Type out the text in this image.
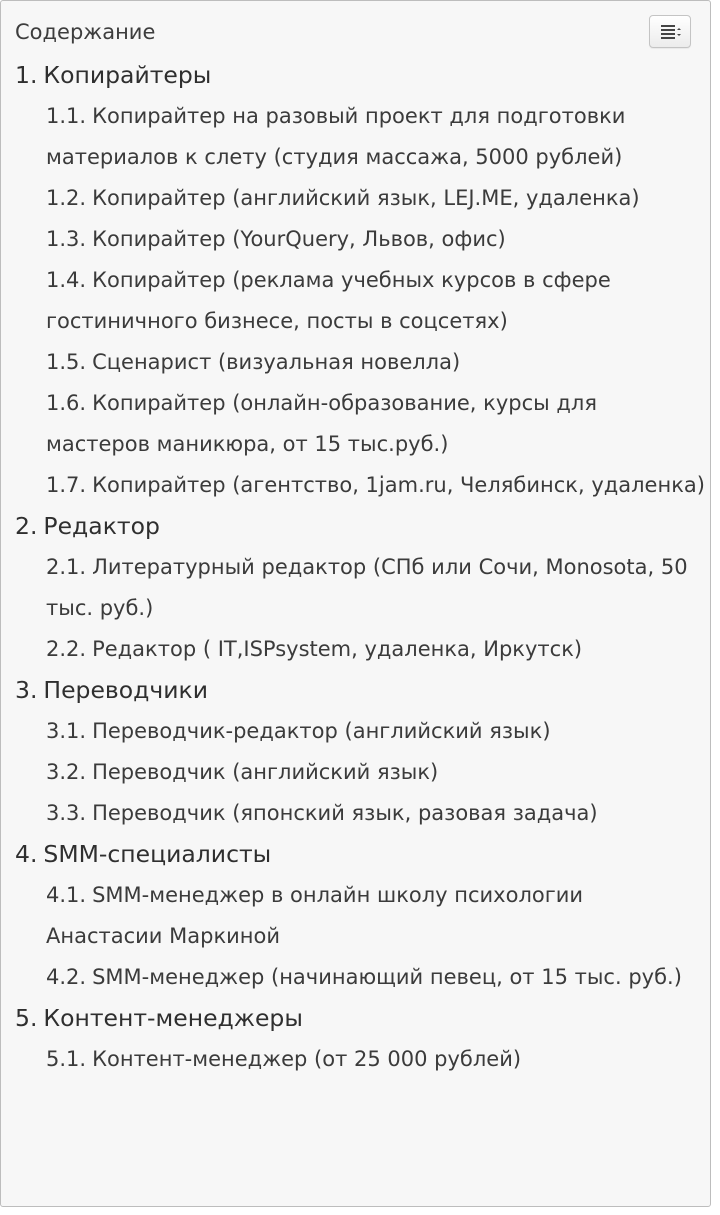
Содержание
1. Копирайтеры
1.1. Копирайтер на разовый проект для подготовки материалов к слету (студия массажа, 5000 рублей)
1.2. Копирайтер (английский язык, LEJ.ME, удаленка)
1.3. Копирайтер (YourQuery, Львов, офис)
1.4. Копирайтер (реклама учебных курсов в сфере гостиничного бизнесе, посты в соцсетях)
1.5. Сценарист (визуальная новелла)
1.6. Копирайтер (онлайн-образование, курсы для мастеров маникюра, от 15 тыс.руб.)
1.7. Копирайтер (агентство, 1jam.ru, Челябинск, удаленка)
2. Редактор
2.1. Литературный редактор (СПб или Сочи, Monosota, 50 тыс. руб.)
2.2. Редактор ( IT,ISPsystem, удаленка, Иркутск)
3. Переводчики
3.1. Переводчик-редактор (английский язык)
3.2. Переводчик (английский язык)
3.3. Переводчик (японский язык, разовая задача)
4. SMM-специалисты
4.1. SMM-менеджер в онлайн школу психологии Анастасии Маркиной
4.2. SMM-менеджер (начинающий певец, от 15 тыс. руб.)
5. Контент-менеджеры
5.1. Контент-менеджер (от 25 000 рублей)
